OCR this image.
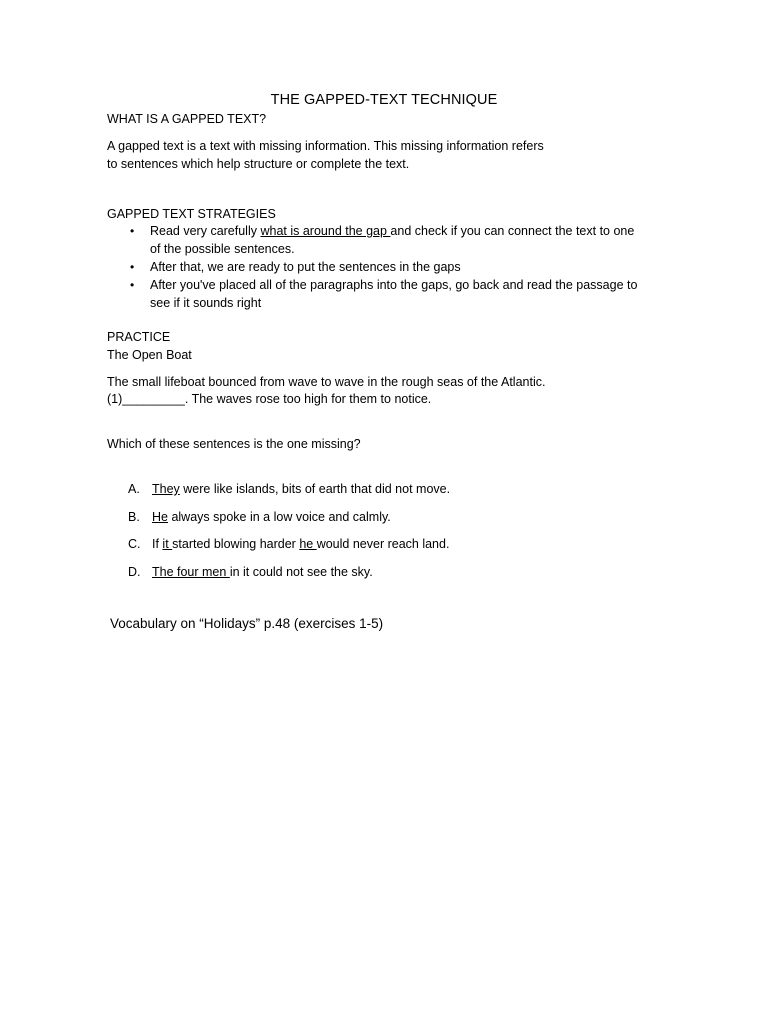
THE GAPPED-TEXT TECHNIQUE
WHAT IS A GAPPED TEXT?
A gapped text is a text with missing information. This missing information refers
to sentences which help structure or complete the text.
GAPPED TEXT STRATEGIES
• Read very carefully what is around the gap and check if you can connect the text to one
of the possible sentences.
• After that, we are ready to put the sentences in the gaps
• After you've placed all of the paragraphs into the gaps, go back and read the passage to
see if it sounds right
PRACTICE
The Open Boat
The small lifeboat bounced from wave to wave in the rough seas of the Atlantic.
(1)_________. The waves rose too high for them to notice.
Which of these sentences is the one missing?
A. They were like islands, bits of earth that did not move.
B. He always spoke in a low voice and calmly.
C. If it started blowing harder he would never reach land.
D. The four men in it could not see the sky.
Vocabulary on “Holidays” p.48 (exercises 1-5)
